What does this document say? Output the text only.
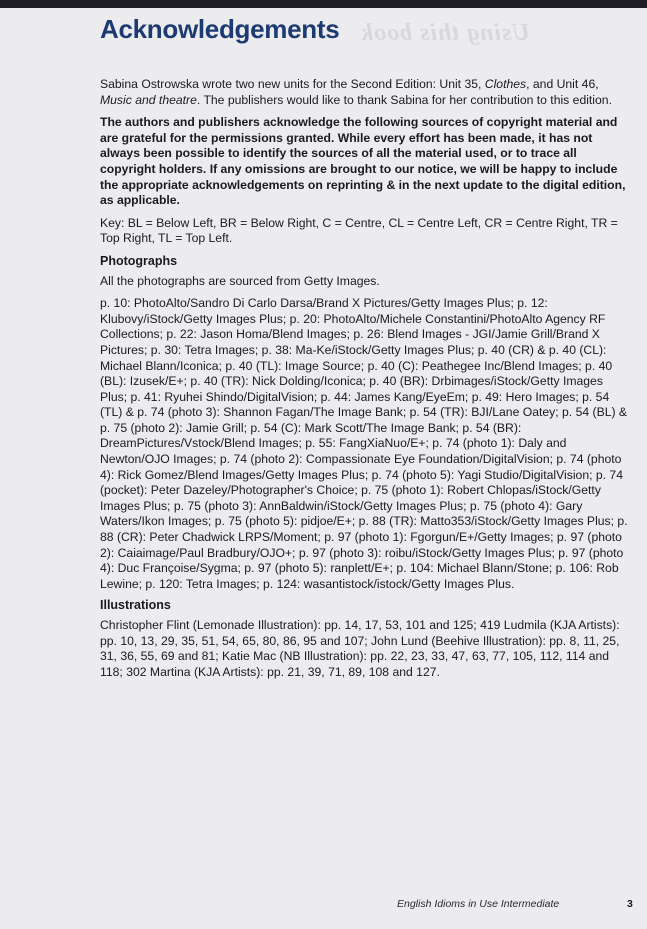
Using this book
Acknowledgements

Sabina Ostrowska wrote two new units for the Second Edition: Unit 35, Clothes, and Unit 46, Music and theatre. The publishers would like to thank Sabina for her contribution to this edition.

The authors and publishers acknowledge the following sources of copyright material and are grateful for the permissions granted. While every effort has been made, it has not always been possible to identify the sources of all the material used, or to trace all copyright holders. If any omissions are brought to our notice, we will be happy to include the appropriate acknowledgements on reprinting & in the next update to the digital edition, as applicable.

Key: BL = Below Left, BR = Below Right, C = Centre, CL = Centre Left, CR = Centre Right, TR = Top Right, TL = Top Left.

Photographs

All the photographs are sourced from Getty Images.

p. 10: PhotoAlto/Sandro Di Carlo Darsa/Brand X Pictures/Getty Images Plus; p. 12: Klubovy/iStock/Getty Images Plus; p. 20: PhotoAlto/Michele Constantini/PhotoAlto Agency RF Collections; p. 22: Jason Homa/Blend Images; p. 26: Blend Images - JGI/Jamie Grill/Brand X Pictures; p. 30: Tetra Images; p. 38: Ma-Ke/iStock/Getty Images Plus; p. 40 (CR) & p. 40 (CL): Michael Blann/Iconica; p. 40 (TL): Image Source; p. 40 (C): Peathegee Inc/Blend Images; p. 40 (BL): Izusek/E+; p. 40 (TR): Nick Dolding/Iconica; p. 40 (BR): Drbimages/iStock/Getty Images Plus; p. 41: Ryuhei Shindo/DigitalVision; p. 44: James Kang/EyeEm; p. 49: Hero Images; p. 54 (TL) & p. 74 (photo 3): Shannon Fagan/The Image Bank; p. 54 (TR): BJI/Lane Oatey; p. 54 (BL) & p. 75 (photo 2): Jamie Grill; p. 54 (C): Mark Scott/The Image Bank; p. 54 (BR): DreamPictures/Vstock/Blend Images; p. 55: FangXiaNuo/E+; p. 74 (photo 1): Daly and Newton/OJO Images; p. 74 (photo 2): Compassionate Eye Foundation/DigitalVision; p. 74 (photo 4): Rick Gomez/Blend Images/Getty Images Plus; p. 74 (photo 5): Yagi Studio/DigitalVision; p. 74 (pocket): Peter Dazeley/Photographer's Choice; p. 75 (photo 1): Robert Chlopas/iStock/Getty Images Plus; p. 75 (photo 3): AnnBaldwin/iStock/Getty Images Plus; p. 75 (photo 4): Gary Waters/Ikon Images; p. 75 (photo 5): pidjoe/E+; p. 88 (TR): Matto353/iStock/Getty Images Plus; p. 88 (CR): Peter Chadwick LRPS/Moment; p. 97 (photo 1): Fgorgun/E+/Getty Images; p. 97 (photo 2): Caiaimage/Paul Bradbury/OJO+; p. 97 (photo 3): roibu/iStock/Getty Images Plus; p. 97 (photo 4): Duc Françoise/Sygma; p. 97 (photo 5): ranplett/E+; p. 104: Michael Blann/Stone; p. 106: Rob Lewine; p. 120: Tetra Images; p. 124: wasantistock/istock/Getty Images Plus.

Illustrations

Christopher Flint (Lemonade Illustration): pp. 14, 17, 53, 101 and 125; 419 Ludmila (KJA Artists): pp. 10, 13, 29, 35, 51, 54, 65, 80, 86, 95 and 107; John Lund (Beehive Illustration): pp. 8, 11, 25, 31, 36, 55, 69 and 81; Katie Mac (NB Illustration): pp. 22, 23, 33, 47, 63, 77, 105, 112, 114 and 118; 302 Martina (KJA Artists): pp. 21, 39, 71, 89, 108 and 127.

English Idioms in Use Intermediate	3
